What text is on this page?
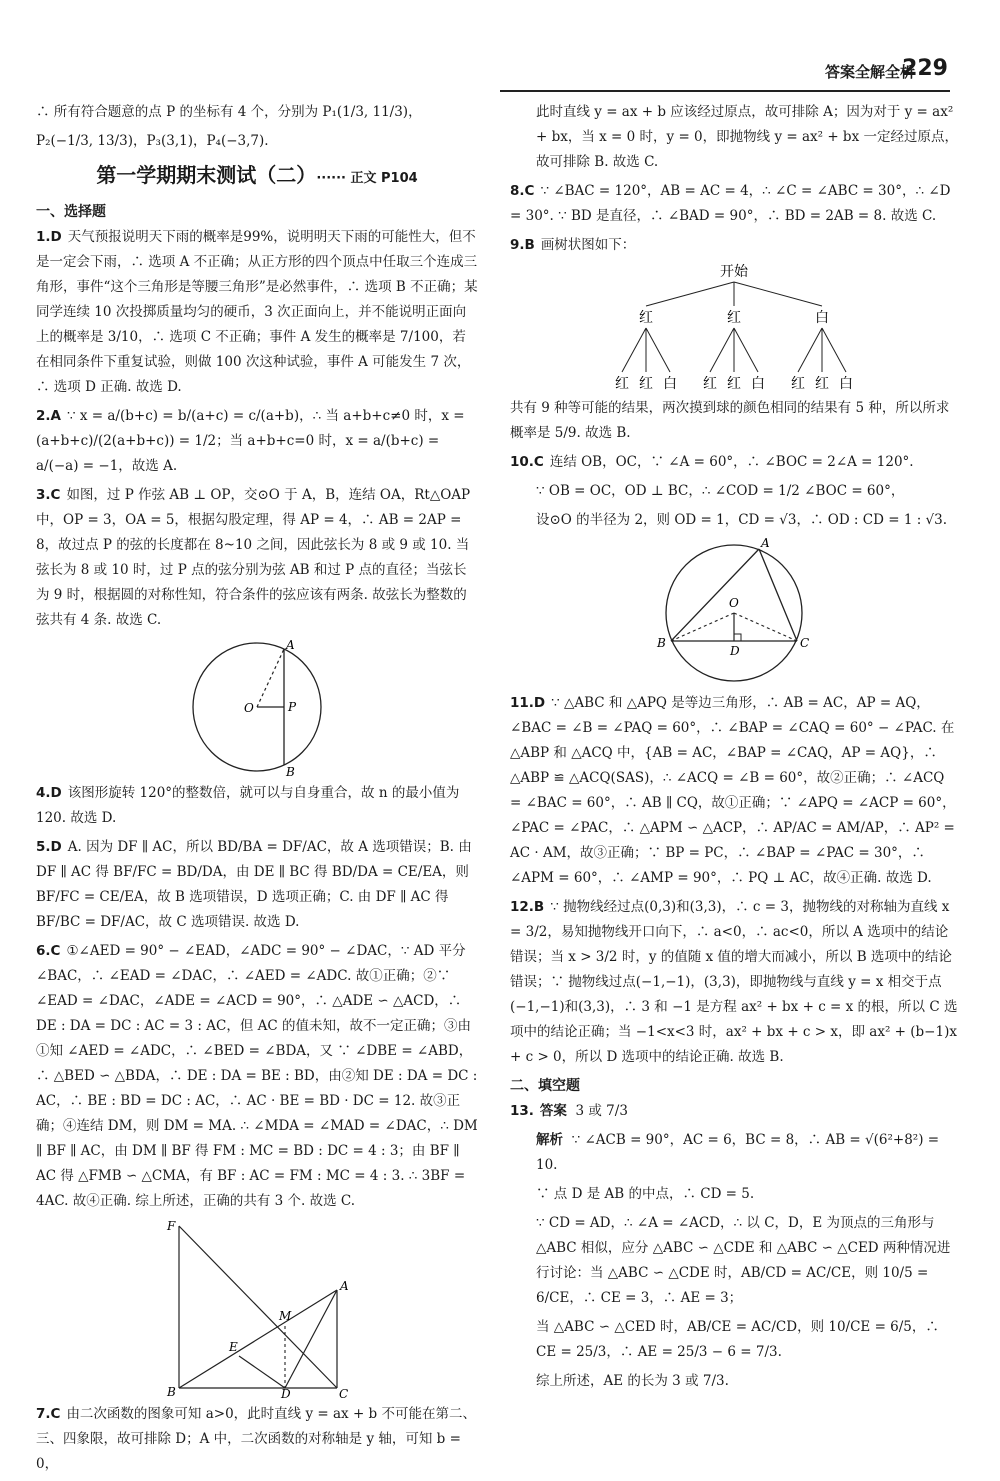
答案全解全析
229

∴ 所有符合题意的点 P 的坐标有 4 个，分别为 P₁(1/3, 11/3)，

P₂(−1/3, 13/3)，P₃(3,1)，P₄(−3,7).

第一学期期末测试（二） ······ 正文 P104
一、选择题

1.D 天气预报说明天下雨的概率是99%，说明明天下雨的可能性大，但不是一定会下雨，∴ 选项 A 不正确；从正方形的四个顶点中任取三个连成三角形，事件“这个三角形是等腰三角形”是必然事件，∴ 选项 B 不正确；某同学连续 10 次投掷质量均匀的硬币，3 次正面向上，并不能说明正面向上的概率是 3/10，∴ 选项 C 不正确；事件 A 发生的概率是 7/100，若在相同条件下重复试验，则做 100 次这种试验，事件 A 可能发生 7 次，∴ 选项 D 正确. 故选 D.

2.A ∵ x = a/(b+c) = b/(a+c) = c/(a+b)，∴ 当 a+b+c≠0 时，x = (a+b+c)/(2(a+b+c)) = 1/2；当 a+b+c=0 时，x = a/(b+c) = a/(−a) = −1，故选 A.

3.C 如图，过 P 作弦 AB ⊥ OP，交⊙O 于 A，B，连结 OA，Rt△OAP 中，OP = 3，OA = 5，根据勾股定理，得 AP = 4，∴ AB = 2AP = 8，故过点 P 的弦的长度都在 8~10 之间，因此弦长为 8 或 9 或 10. 当弦长为 8 或 10 时，过 P 点的弦分别为弦 AB 和过 P 点的直径；当弦长为 9 时，根据圆的对称性知，符合条件的弦应该有两条. 故弦长为整数的弦共有 4 条. 故选 C.

A
B
O	P

4.D 该图形旋转 120°的整数倍，就可以与自身重合，故 n 的最小值为 120. 故选 D.

5.D A. 因为 DF ∥ AC，所以 BD/BA = DF/AC，故 A 选项错误；B. 由 DF ∥ AC 得 BF/FC = BD/DA，由 DE ∥ BC 得 BD/DA = CE/EA，则 BF/FC = CE/EA，故 B 选项错误，D 选项正确；C. 由 DF ∥ AC 得 BF/BC = DF/AC，故 C 选项错误. 故选 D.

6.C ①∠AED = 90° − ∠EAD，∠ADC = 90° − ∠DAC，∵ AD 平分 ∠BAC，∴ ∠EAD = ∠DAC，∴ ∠AED = ∠ADC. 故①正确；②∵ ∠EAD = ∠DAC，∠ADE = ∠ACD = 90°，∴ △ADE ∽ △ACD，∴ DE : DA = DC : AC = 3 : AC，但 AC 的值未知，故不一定正确；③由①知 ∠AED = ∠ADC，∴ ∠BED = ∠BDA，又 ∵ ∠DBE = ∠ABD，∴ △BED ∽ △BDA，∴ DE : DA = BE : BD，由②知 DE : DA = DC : AC，∴ BE : BD = DC : AC，∴ AC · BE = BD · DC = 12. 故③正确；④连结 DM，则 DM = MA. ∴ ∠MDA = ∠MAD = ∠DAC，∴ DM ∥ BF ∥ AC，由 DM ∥ BF 得 FM : MC = BD : DC = 4 : 3；由 BF ∥ AC 得 △FMB ∽ △CMA，有 BF : AC = FM : MC = 4 : 3. ∴ 3BF = 4AC. 故④正确. 综上所述，正确的共有 3 个. 故选 C.

F
A
M
E
B	D	C

7.C 由二次函数的图象可知 a>0，此时直线 y = ax + b 不可能在第二、三、四象限，故可排除 D；A 中，二次函数的对称轴是 y 轴，可知 b = 0，

此时直线 y = ax + b 应该经过原点，故可排除 A；因为对于 y = ax² + bx，当 x = 0 时，y = 0，即抛物线 y = ax² + bx 一定经过原点，故可排除 B. 故选 C.

8.C ∵ ∠BAC = 120°，AB = AC = 4，∴ ∠C = ∠ABC = 30°，∴ ∠D = 30°. ∵ BD 是直径，∴ ∠BAD = 90°，∴ BD = 2AB = 8. 故选 C.

9.B 画树状图如下：

开始
红	红	白
红 红 白 红 红 白 红 红 白

共有 9 种等可能的结果，两次摸到球的颜色相同的结果有 5 种，所以所求概率是 5/9. 故选 B.

10.C 连结 OB，OC，∵ ∠A = 60°，∴ ∠BOC = 2∠A = 120°.

∵ OB = OC，OD ⊥ BC，∴ ∠COD = 1/2 ∠BOC = 60°，

设⊙O 的半径为 2，则 OD = 1，CD = √3，∴ OD : CD = 1 : √3.

A
O
B
D
C

11.D ∵ △ABC 和 △APQ 是等边三角形，∴ AB = AC，AP = AQ，∠BAC = ∠B = ∠PAQ = 60°，∴ ∠BAP = ∠CAQ = 60° − ∠PAC. 在 △ABP 和 △ACQ 中，{AB = AC，∠BAP = ∠CAQ，AP = AQ}，∴ △ABP ≌ △ACQ(SAS)，∴ ∠ACQ = ∠B = 60°，故②正确；∴ ∠ACQ = ∠BAC = 60°，∴ AB ∥ CQ，故①正确；∵ ∠APQ = ∠ACP = 60°，∠PAC = ∠PAC，∴ △APM ∽ △ACP，∴ AP/AC = AM/AP，∴ AP² = AC · AM，故③正确；∵ BP = PC，∴ ∠BAP = ∠PAC = 30°，∴ ∠APM = 60°，∴ ∠AMP = 90°，∴ PQ ⊥ AC，故④正确. 故选 D.

12.B ∵ 抛物线经过点(0,3)和(3,3)，∴ c = 3，抛物线的对称轴为直线 x = 3/2，易知抛物线开口向下，∴ a<0，∴ ac<0，所以 A 选项中的结论错误；当 x > 3/2 时，y 的值随 x 值的增大而减小，所以 B 选项中的结论错误；∵ 抛物线过点(−1,−1)，(3,3)，即抛物线与直线 y = x 相交于点(−1,−1)和(3,3)，∴ 3 和 −1 是方程 ax² + bx + c = x 的根，所以 C 选项中的结论正确；当 −1<x<3 时，ax² + bx + c > x，即 ax² + (b−1)x + c > 0，所以 D 选项中的结论正确. 故选 B.

二、填空题

13. 答案 3 或 7/3

解析 ∵ ∠ACB = 90°，AC = 6，BC = 8，∴ AB = √(6²+8²) = 10.

∵ 点 D 是 AB 的中点，∴ CD = 5.

∵ CD = AD，∴ ∠A = ∠ACD，∴ 以 C，D，E 为顶点的三角形与 △ABC 相似，应分 △ABC ∽ △CDE 和 △ABC ∽ △CED 两种情况进行讨论：当 △ABC ∽ △CDE 时，AB/CD = AC/CE，则 10/5 = 6/CE，∴ CE = 3，∴ AE = 3；

当 △ABC ∽ △CED 时，AB/CE = AC/CD，则 10/CE = 6/5，∴ CE = 25/3，∴ AE = 25/3 − 6 = 7/3.

综上所述，AE 的长为 3 或 7/3.
